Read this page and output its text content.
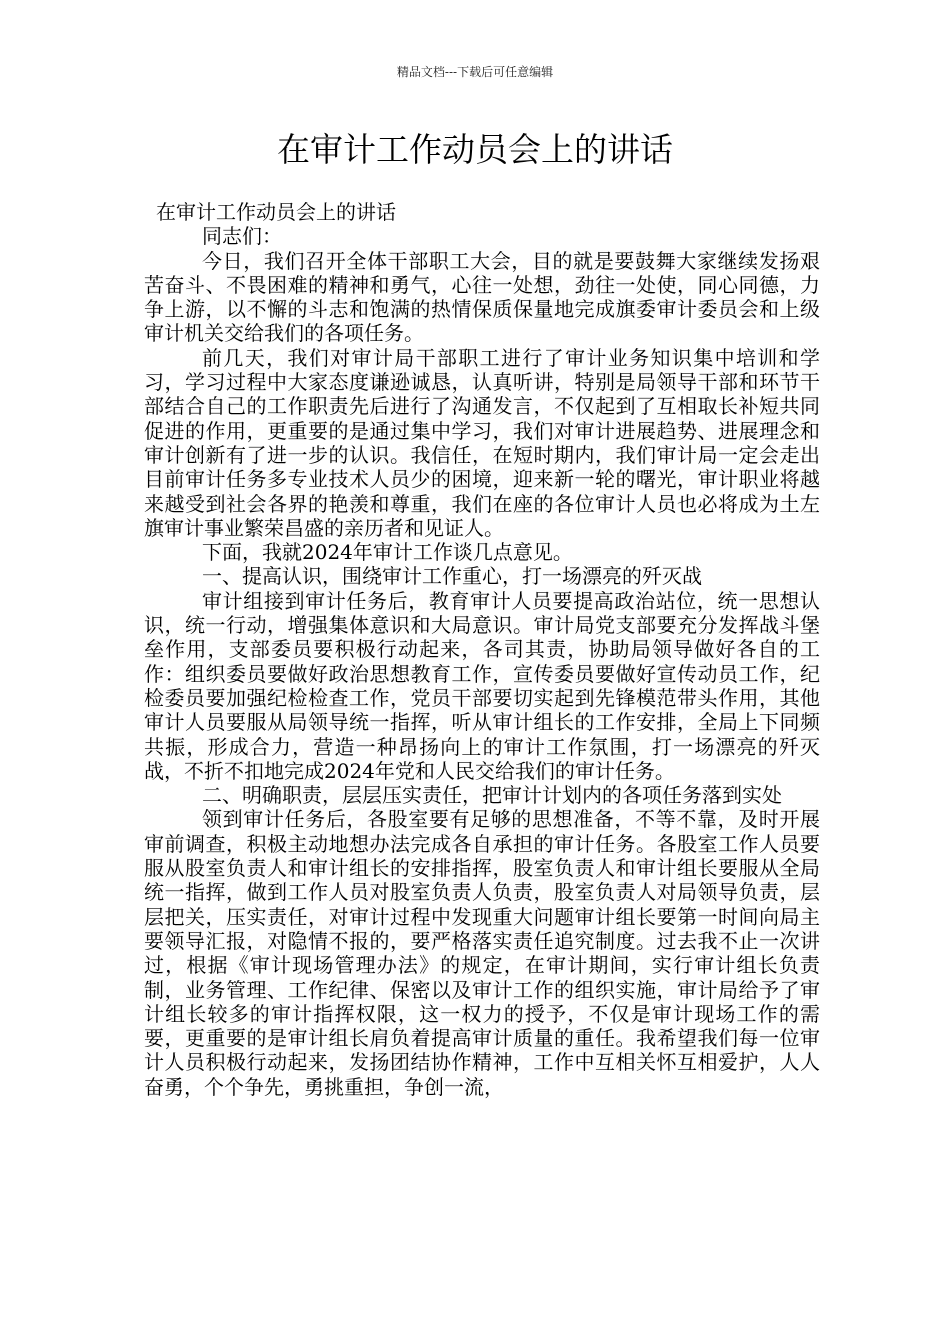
精品文档---下载后可任意编辑
在审计工作动员会上的讲话

在审计工作动员会上的讲话

同志们：

今日，我们召开全体干部职工大会，目的就是要鼓舞大家继续发扬艰苦奋斗、不畏困难的精神和勇气，心往一处想，劲往一处使，同心同德，力争上游，以不懈的斗志和饱满的热情保质保量地完成旗委审计委员会和上级审计机关交给我们的各项任务。

前几天，我们对审计局干部职工进行了审计业务知识集中培训和学习，学习过程中大家态度谦逊诚恳，认真听讲，特别是局领导干部和环节干部结合自己的工作职责先后进行了沟通发言，不仅起到了互相取长补短共同促进的作用，更重要的是通过集中学习，我们对审计进展趋势、进展理念和审计创新有了进一步的认识。我信任，在短时期内，我们审计局一定会走出目前审计任务多专业技术人员少的困境，迎来新一轮的曙光，审计职业将越来越受到社会各界的艳羡和尊重，我们在座的各位审计人员也必将成为土左旗审计事业繁荣昌盛的亲历者和见证人。

下面，我就2024年审计工作谈几点意见。

一、提高认识，围绕审计工作重心，打一场漂亮的歼灭战

审计组接到审计任务后，教育审计人员要提高政治站位，统一思想认识，统一行动，增强集体意识和大局意识。审计局党支部要充分发挥战斗堡垒作用，支部委员要积极行动起来，各司其责，协助局领导做好各自的工作：组织委员要做好政治思想教育工作，宣传委员要做好宣传动员工作，纪检委员要加强纪检检查工作，党员干部要切实起到先锋模范带头作用，其他审计人员要服从局领导统一指挥，听从审计组长的工作安排，全局上下同频共振，形成合力，营造一种昂扬向上的审计工作氛围，打一场漂亮的歼灭战，不折不扣地完成2024年党和人民交给我们的审计任务。

二、明确职责，层层压实责任，把审计计划内的各项任务落到实处

领到审计任务后，各股室要有足够的思想准备，不等不靠，及时开展审前调查，积极主动地想办法完成各自承担的审计任务。各股室工作人员要服从股室负责人和审计组长的安排指挥，股室负责人和审计组长要服从全局统一指挥，做到工作人员对股室负责人负责，股室负责人对局领导负责，层层把关，压实责任，对审计过程中发现重大问题审计组长要第一时间向局主要领导汇报，对隐情不报的，要严格落实责任追究制度。过去我不止一次讲过，根据《审计现场管理办法》的规定，在审计期间，实行审计组长负责制，业务管理、工作纪律、保密以及审计工作的组织实施，审计局给予了审计组长较多的审计指挥权限，这一权力的授予，不仅是审计现场工作的需要，更重要的是审计组长肩负着提高审计质量的重任。我希望我们每一位审计人员积极行动起来，发扬团结协作精神，工作中互相关怀互相爱护，人人奋勇，个个争先，勇挑重担，争创一流，
